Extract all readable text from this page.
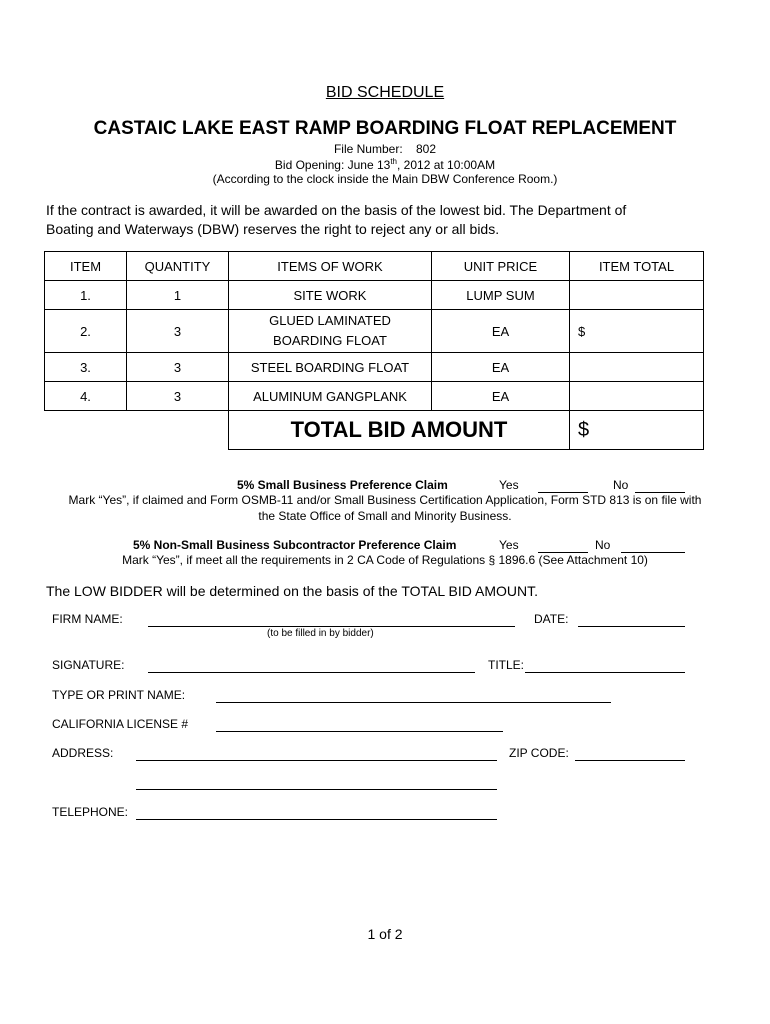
BID SCHEDULE
CASTAIC LAKE EAST RAMP BOARDING FLOAT REPLACEMENT
File Number: 802
Bid Opening: June 13th, 2012 at 10:00AM
(According to the clock inside the Main DBW Conference Room.)
If the contract is awarded, it will be awarded on the basis of the lowest bid. The Department of
Boating and Waterways (DBW) reserves the right to reject any or all bids.
ITEM	QUANTITY	ITEMS OF WORK	UNIT PRICE	ITEM TOTAL
1.	1	SITE WORK	LUMP SUM	
2.	3	GLUED LAMINATED
BOARDING FLOAT	EA	$
3.	3	STEEL BOARDING FLOAT	EA	
4.	3	ALUMINUM GANGPLANK	EA	
		TOTAL BID AMOUNT		$
5% Small Business Preference Claim	Yes	No
Mark “Yes”, if claimed and Form OSMB-11 and/or Small Business Certification Application, Form STD 813 is on file with
the State Office of Small and Minority Business.
5% Non-Small Business Subcontractor Preference Claim	Yes	No
Mark “Yes”, if meet all the requirements in 2 CA Code of Regulations § 1896.6 (See Attachment 10)
The LOW BIDDER will be determined on the basis of the TOTAL BID AMOUNT.
FIRM NAME:
(to be filled in by bidder)
DATE:
SIGNATURE:	TITLE:
TYPE OR PRINT NAME:
CALIFORNIA LICENSE #
ADDRESS:	ZIP CODE:
TELEPHONE:
1 of 2
